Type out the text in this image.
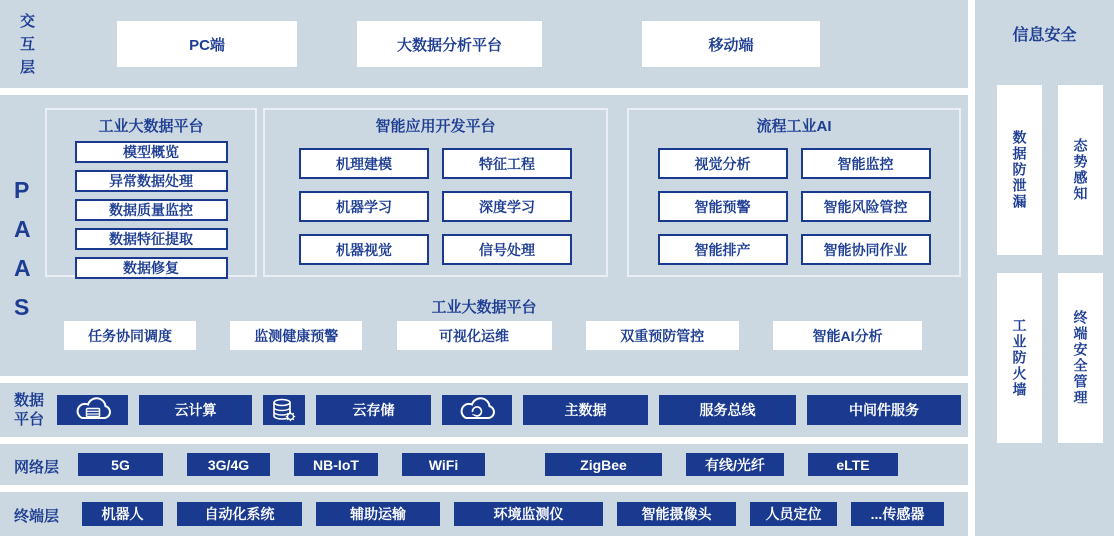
交互层
PC端	大数据分析平台	移动端
PAAS
工业大数据平台
模型概览
异常数据处理
数据质量监控
数据特征提取
数据修复
智能应用开发平台
机理建模	特征工程
机器学习	深度学习
机器视觉	信号处理
流程工业AI
视觉分析	智能监控
智能预警	智能风险管控
智能排产	智能协同作业
工业大数据平台
任务协同调度	监测健康预警	可视化运维	双重预防管控	智能AI分析
数据平台
云计算	云存储	主数据	服务总线	中间件服务
网络层	5G	3G/4G	NB-IoT	WiFi	ZigBee	有线/光纤	eLTE
终端层	机器人	自动化系统	辅助运输	环境监测仪	智能摄像头	人员定位	...传感器
信息安全
数据防泄漏	态势感知
工业防火墙	终端安全管理
